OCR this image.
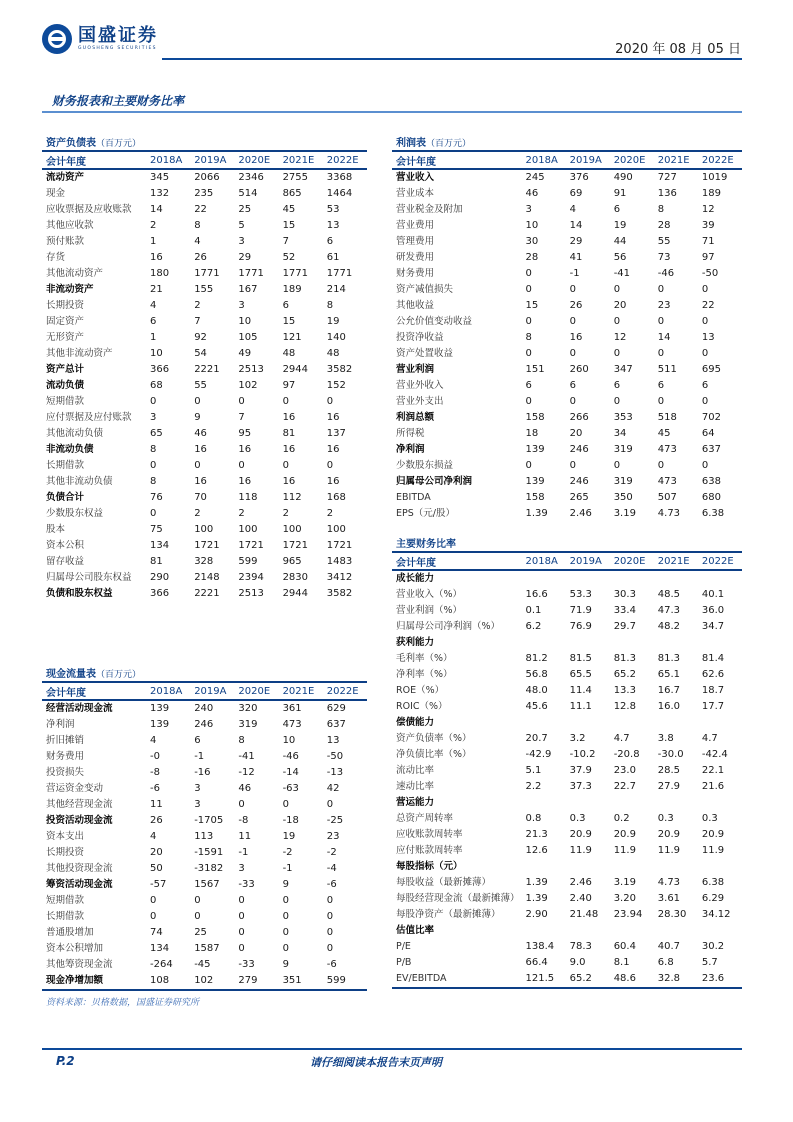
国盛证券
GUOSHENG SECURITIES	2020 年 08 月 05 日
财务报表和主要财务比率
资产负债表（百万元）
会计年度	2018A	2019A	2020E	2021E	2022E
流动资产	345	2066	2346	2755	3368
现金	132	235	514	865	1464
应收票据及应收账款	14	22	25	45	53
其他应收款	2	8	5	15	13
预付账款	1	4	3	7	6
存货	16	26	29	52	61
其他流动资产	180	1771	1771	1771	1771
非流动资产	21	155	167	189	214
长期投资	4	2	3	6	8
固定资产	6	7	10	15	19
无形资产	1	92	105	121	140
其他非流动资产	10	54	49	48	48
资产总计	366	2221	2513	2944	3582
流动负债	68	55	102	97	152
短期借款	0	0	0	0	0
应付票据及应付账款	3	9	7	16	16
其他流动负债	65	46	95	81	137
非流动负债	8	16	16	16	16
长期借款	0	0	0	0	0
其他非流动负债	8	16	16	16	16
负债合计	76	70	118	112	168
少数股东权益	0	2	2	2	2
股本	75	100	100	100	100
资本公积	134	1721	1721	1721	1721
留存收益	81	328	599	965	1483
归属母公司股东权益	290	2148	2394	2830	3412
负债和股东权益	366	2221	2513	2944	3582
利润表（百万元）
会计年度	2018A	2019A	2020E	2021E	2022E
营业收入	245	376	490	727	1019
营业成本	46	69	91	136	189
营业税金及附加	3	4	6	8	12
营业费用	10	14	19	28	39
管理费用	30	29	44	55	71
研发费用	28	41	56	73	97
财务费用	0	-1	-41	-46	-50
资产减值损失	0	0	0	0	0
其他收益	15	26	20	23	22
公允价值变动收益	0	0	0	0	0
投资净收益	8	16	12	14	13
资产处置收益	0	0	0	0	0
营业利润	151	260	347	511	695
营业外收入	6	6	6	6	6
营业外支出	0	0	0	0	0
利润总额	158	266	353	518	702
所得税	18	20	34	45	64
净利润	139	246	319	473	637
少数股东损益	0	0	0	0	0
归属母公司净利润	139	246	319	473	638
EBITDA	158	265	350	507	680
EPS（元/股）	1.39	2.46	3.19	4.73	6.38
主要财务比率
会计年度	2018A	2019A	2020E	2021E	2022E
成长能力					
营业收入（%）	16.6	53.3	30.3	48.5	40.1
营业利润（%）	0.1	71.9	33.4	47.3	36.0
归属母公司净利润（%）	6.2	76.9	29.7	48.2	34.7
获利能力					
毛利率（%）	81.2	81.5	81.3	81.3	81.4
净利率（%）	56.8	65.5	65.2	65.1	62.6
ROE（%）	48.0	11.4	13.3	16.7	18.7
ROIC（%）	45.6	11.1	12.8	16.0	17.7
偿债能力					
资产负债率（%）	20.7	3.2	4.7	3.8	4.7
净负债比率（%）	-42.9	-10.2	-20.8	-30.0	-42.4
流动比率	5.1	37.9	23.0	28.5	22.1
速动比率	2.2	37.3	22.7	27.9	21.6
营运能力					
总资产周转率	0.8	0.3	0.2	0.3	0.3
应收账款周转率	21.3	20.9	20.9	20.9	20.9
应付账款周转率	12.6	11.9	11.9	11.9	11.9
每股指标（元）					
每股收益（最新摊薄）	1.39	2.46	3.19	4.73	6.38
每股经营现金流（最新摊薄）	1.39	2.40	3.20	3.61	6.29
每股净资产（最新摊薄）	2.90	21.48	23.94	28.30	34.12
估值比率					
P/E	138.4	78.3	60.4	40.7	30.2
P/B	66.4	9.0	8.1	6.8	5.7
EV/EBITDA	121.5	65.2	48.6	32.8	23.6
现金流量表（百万元）
会计年度	2018A	2019A	2020E	2021E	2022E
经营活动现金流	139	240	320	361	629
净利润	139	246	319	473	637
折旧摊销	4	6	8	10	13
财务费用	-0	-1	-41	-46	-50
投资损失	-8	-16	-12	-14	-13
营运资金变动	-6	3	46	-63	42
其他经营现金流	11	3	0	0	0
投资活动现金流	26	-1705	-8	-18	-25
资本支出	4	113	11	19	23
长期投资	20	-1591	-1	-2	-2
其他投资现金流	50	-3182	3	-1	-4
筹资活动现金流	-57	1567	-33	9	-6
短期借款	0	0	0	0	0
长期借款	0	0	0	0	0
普通股增加	74	25	0	0	0
资本公积增加	134	1587	0	0	0
其他筹资现金流	-264	-45	-33	9	-6
现金净增加额	108	102	279	351	599
资料来源：贝格数据，国盛证券研究所
P.2	请仔细阅读本报告末页声明
